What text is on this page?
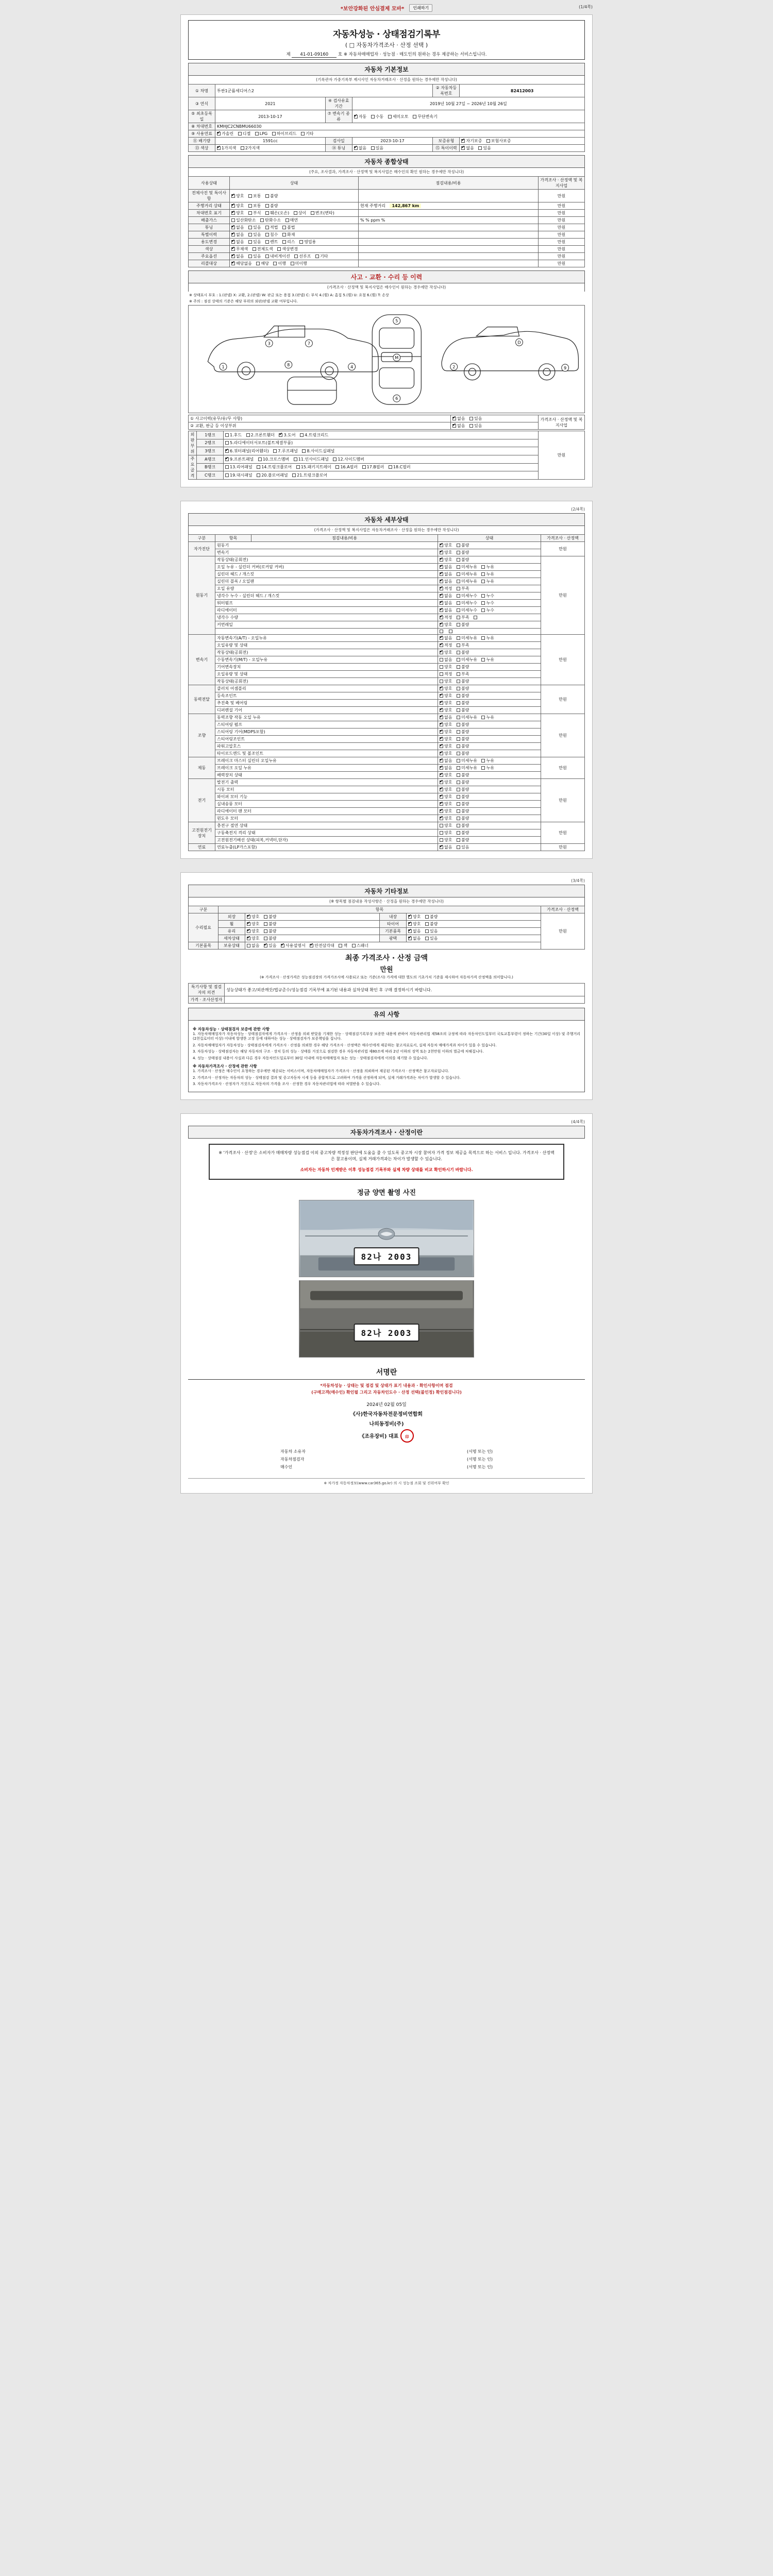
*보안강화된 안심결제 모바*	인쇄하기	(1/4쪽)
자동차성능 · 상태점검기록부
( □ 자동차가격조사 · 산정 선택 )
제 41-01-09160 호 ※ 자동차매매업자 · 성능점 · 매도인의 원하는 경우 제공하는 서비스입니다.
자동차 기본정보
(기록관자 가중기록부 제시사인 자동차거래조사 · 산정을 원하는 경우에만 작성니다)
① 차명	투싼1군륨세디어스2			② 자동차등록번호	82412003
③ 연식	2021	④ 검사유효기간	2019년 10월 27일 ~ 2026년 10월 26일		
⑤ 최초등록일	2013-10-17	⑦ 변속기 종류	✔자동 수동 세미오토 무단변속기
⑧ 차대번호	KMHJC2CNBMU66030				
⑨ 사용연료	✔가솔린 디젤 LPG 하이브리드 기타
⑪ 배기량	1591cc	검사일	2023-10-17	보증유형	✔자기보증 보험사보증
⑬ 색상	✔1가지색 2가지색	⑭ 튜닝	✔없음 있음	⑮ 특이이력	✔없음 있음
자동차 종합상태
(주요, 조사결과, 가격조사 · 산정액 및 복지사업은 매수인의 확인 원하는 경우에만 작성니다)
사용상태	상태	점검내용/비용	가격조사 · 산정액 및 복지사업
전체사진 및 특이사항	✔양호 보통 불량		만원
주행거리 상태	✔양호 보통 불량	현재 주행거리 142,867 km	만원
차대번호 표기	✔양호 부식 훼손(오손) 상이 변조(변타)		만원
배출가스	일산화탄소 탄화수소 매연	% % ppm %	만원
튜닝	✔없음 있음 적법 불법		만원
특별이력	✔없음 있음 침수 화재		만원
용도변경	✔없음 있음 렌트 리스 영업용		만원
색상	✔무채색 전체도색 색상변경		만원
주요옵션	✔없음 있음 내비게이션 선루프 기타		만원
리콜대상	✔해당없음 해당 이행 미이행		만원
사고 · 교환 · 수리 등 이력
(가격조사 · 산정액 및 복지사업은 매수인이 원하는 경우에만 작성니다)
※ 상태표시 부호 : 1.(판넬) X: 교환, 2.(판넬) W: 판금 또는 용접 3.(판넬) C: 부식 4.(휠) A: 흠집 5.(휠) U: 요철 6.(휠) T: 손상
※ 주의 : 점검 상태의 기준은 해당 부위의 외판/판넬 교환 여부입니다.
1
3	7
4
8
M
5
6
2
D
9
① 사고이력(유무/유/무 사항)	✔없음 있음	가격조사 · 산정액 및 복지사업
② 교환, 판금 등 이상부위	✔없음 있음
외판
부위	1랭크	1.후드 2.프론트휀더 ✔ 3.도어 4.트렁크리드	만원
	2랭크	5.라디에이터서포트(볼트체결부품)	
	3랭크	✔6.쿼터패널(리어휀더) 7.루프패널 8.사이드실패널
주요
골격	A랭크	✔9.프론트패널 10.크로스멤버 11.인사이드패널 12.사이드멤버
	B랭크	13.리어패널 14.트렁크플로어 15.패키지트레이 16.A필러 17.B필러 18.C필러	
	C랭크	19.대시패널 20.플로어패널 21.트렁크플로어	
(2/4쪽)
자동차 세부상태
(가격조사 · 산정액 및 복지사업은 자동차거래조사 · 산정을 원하는 경우에만 작성니다)
구분	항목	점검내용/비용	상태	가격조사 · 산정액
자가진단	원동기	✔양호 불량	만원
	변속기	✔양호 불량
원동기	작동상태(공회전)	✔양호 불량	만원
	오일 누유 - 실린더 커버(로커암 커버)	✔없음 미세누유 누유
	실린더 헤드 / 개스킷	✔없음 미세누유 누유
	실린더 블록 / 오일팬	✔없음 미세누유 누유
	오일 유량	✔적정 부족
	냉각수 누수 - 실린더 헤드 / 개스킷	✔없음 미세누수 누수
	워터펌프	✔없음 미세누수 누수
	라디에이터	✔없음 미세누수 누수
	냉각수 수량	✔적정 부족
	커먼레일	✔양호 불량

변속기	자동변속기(A/T) - 오일누유	✔없음 미세누유 누유	만원
	오일유량 및 상태	✔적정 부족
	작동상태(공회전)	✔양호 불량
	수동변속기(M/T) - 오일누유		없음 미세누유 누유	
	기어변속장치		양호 불량	
	오일유량 및 상태		적정 부족	
	작동상태(공회전)		양호 불량	
동력전달	클러치 어셈블리	✔양호 불량	만원
	등속조인트	✔양호 불량
	추진축 및 베어링	✔양호 불량
	디퍼렌셜 기어	✔양호 불량
조향	동력조향 작동 오일 누유	✔없음 미세누유 누유	만원
	스티어링 펌프	✔양호 불량
	스티어링 기어(MDPS포함)	✔양호 불량
	스티어링조인트	✔양호 불량
	파워고압호스	✔양호 불량
	타이로드엔드 및 볼조인트	✔양호 불량
제동	브레이크 마스터 실린더 오일누유	✔없음 미세누유 누유	만원
	브레이크 오일 누유	✔없음 미세누유 누유
	배력장치 상태	✔양호 불량
전기	발전기 출력	✔양호 불량	만원
	시동 모터	✔양호 불량
	와이퍼 모터 기능	✔양호 불량
	실내송풍 모터	✔양호 불량
	라디에이터 팬 모터	✔양호 불량
	윈도우 모터	✔양호 불량
고전원전기장치	충전구 절연 상태		양호 불량	만원
	구동축전지 격리 상태		양호 불량	
	고전원전기배선 상태(피복,커넥터,단자)		양호 불량	
연료	연료누출(LP가스포함)	✔없음 있음	만원
(3/4쪽)
자동차 기타정보
(※ 항목별 점검내용 작성사항은 · 산정을 원하는 경우에만 작성니다)
구분	항목				가격조사 · 산정액
수리필요	외장	✔양호 불량	내장	✔양호 불량	만원
	휠	✔양호 불량	타이어	✔양호 불량
	유리	✔양호 불량	기본품목	✔없음 있음
	세차상태	✔양호 불량	광택	✔없음 있음
기본품목	보유상태	없음 ✔ 있음 ✔ 사용설명서 ✔ 안전삼각대 잭 스패너
최종 가격조사 · 산정 금액
만원
(※ 가격조사 · 산정가격은 성능점검장의 가격가조사에 사용되고 또는 기준(조사) 가격에 대한 별도의 기초가치 기준을 제시하여 자동차가격 산정액을 의미합니다.)
특기사항 및 점검자의 의견	성능상태가 좋고/외관깨끗/법규준수/성능점검 기록부에 표기된 내용과 실차상태 확인 후 구매 결정하시기 바랍니다.
가격 · 조사산정자	
유의 사항
※ 자동차성능 · 상태점검자 보증에 관한 사항

1. 자동차매매업자가 자동차성능 · 상태점검자에게 가격조사 · 산정을 의뢰 받았을 기재한 성능 · 상태점검기록부상 보증한 내용에 관하여 자동차관리법 제58조의 규정에 따라 자동차인도일부터 국토교통부령이 정하는 기간(30일 이상) 및 주행거리(2천킬로미터 이상) 이내에 발생한 고장 등에 대하여는 성능 · 상태점검자가 보증책임을 집니다.

2. 자동차매매업자가 자동차성능 · 상태점검자에게 가격조사 · 산정을 의뢰한 경우 해당 가격조사 · 산정액은 매수인에게 제공하는 참고자료로서, 실제 자동차 매매가격과 차이가 있을 수 있습니다.

3. 자동차성능 · 상태점검자는 해당 자동차의 구조 · 장치 등의 성능 · 상태를 거짓으로 점검한 경우 자동차관리법 제80조에 따라 2년 이하의 징역 또는 2천만원 이하의 벌금에 처해집니다.

4. 성능 · 상태점검 내용이 사실과 다른 경우 자동차인도일로부터 30일 이내에 자동차매매업자 또는 성능 · 상태점검자에게 이의를 제기할 수 있습니다.

※ 자동차가격조사 · 산정에 관한 사항

1. 가격조사 · 산정은 매수인이 요청하는 경우에만 제공되는 서비스이며, 자동차매매업자가 가격조사 · 산정을 의뢰하여 제공된 가격조사 · 산정액은 참고자료입니다.

2. 가격조사 · 산정자는 자동차의 성능 · 상태점검 결과 및 중고자동차 시세 등을 종합적으로 고려하여 가격을 산정하게 되며, 실제 거래가격과는 차이가 발생할 수 있습니다.

3. 자동차가격조사 · 산정자가 거짓으로 자동차의 가격을 조사 · 산정한 경우 자동차관리법에 따라 처벌받을 수 있습니다.

(4/4쪽)
자동차가격조사 · 산정이란
※ '가격조사 · 산정'은 소비자가 매매차량 성능점검 이외 중고차량 적정성 판단에 도움을 줄 수 있도록 중고차 시장 참여자 가격 정보 제공을 목적으로 하는 서비스 입니다. 가격조사 · 산정액은 참고용이며, 실제 거래가격과는 차이가 발생할 수 있습니다.
소비자는 자동차 인계받은 이후 성능점검 기록부와 실제 차량 상태를 비교 확인하시기 바랍니다.
정금 양면 촬영 사진
82나 2003
82나 2003
서명란
*자동차성능 · 상태는 및 점검 및 상태가 표기 내용과 · 확인사항이며 점검
(구매고객(매수인) 확인필 그리고 자동차인도수 · 산정 선택(불인정) 확인점검니다)
2024년 02월 05일
《사)한국자동차전문정비연합회
나의동정비(주)
《조유장비) 대표 印
자동차 소유자	(서명 또는 인)
자동차점검자	(서명 또는 인)
매수인	(서명 또는 인)
※ 차가정 자동차정보(www.car365.go.kr) 의 시 성능점 조회 및 진위여부 확인
